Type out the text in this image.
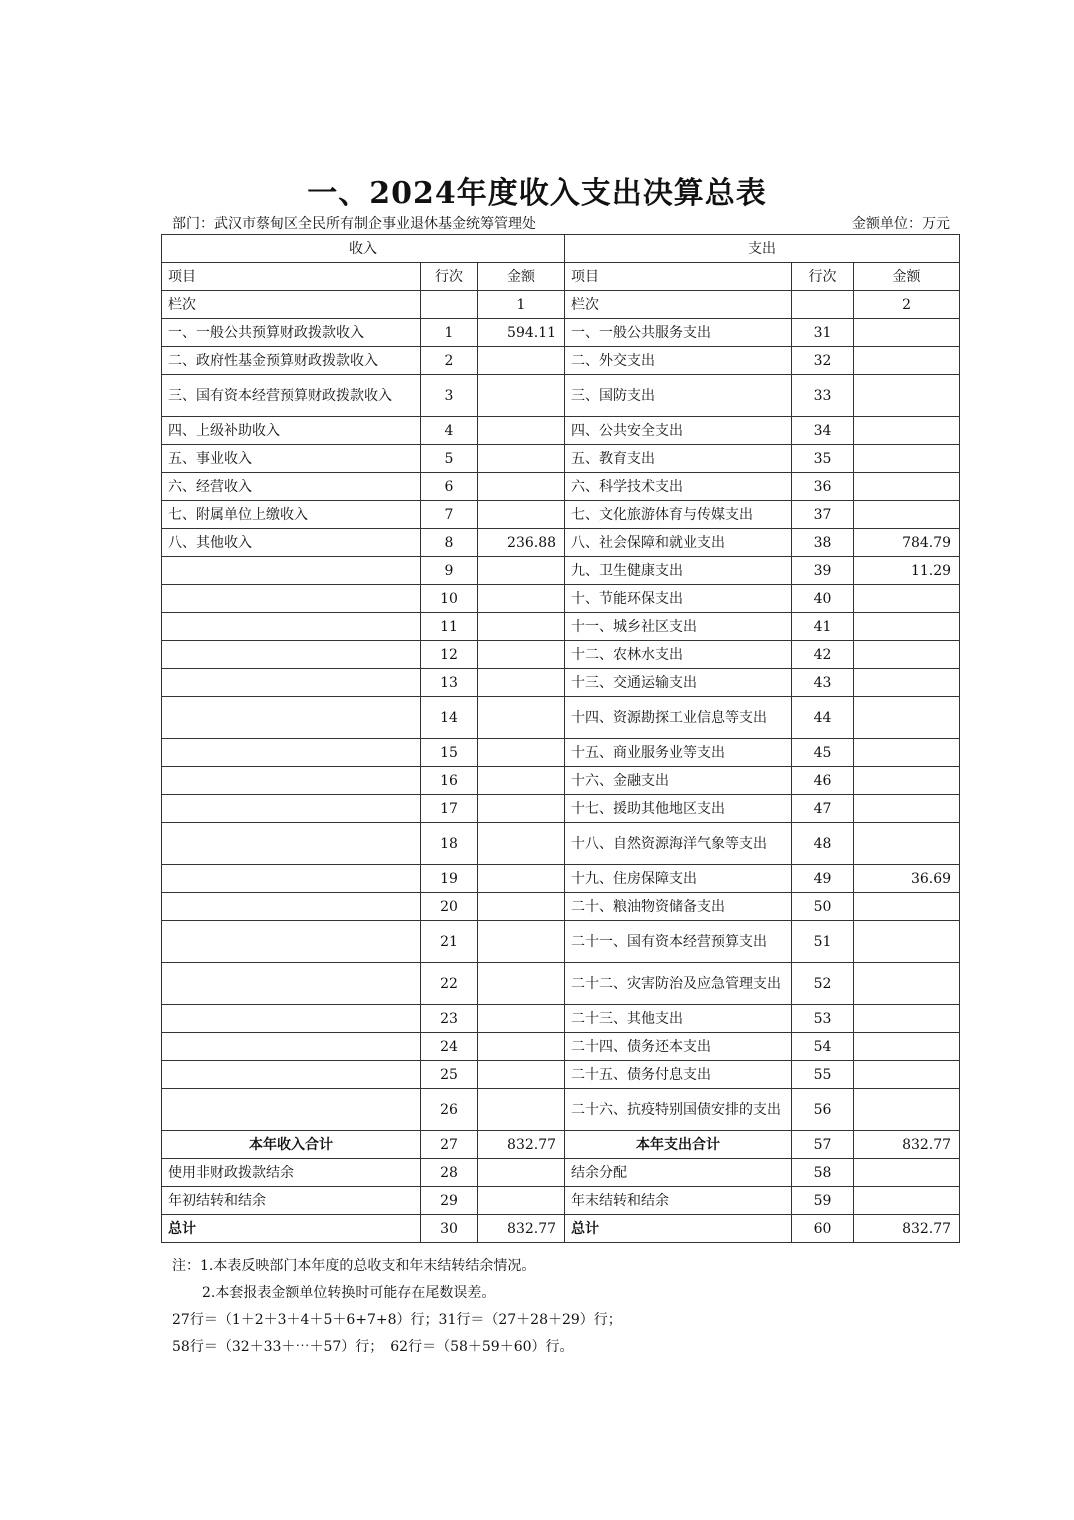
一、2024年度收入支出决算总表
部门：武汉市蔡甸区全民所有制企事业退休基金统筹管理处	金额单位：万元
收入			支出		
项目	行次	金额	项目	行次	金额
栏次		1	栏次		2
一、一般公共预算财政拨款收入	1	594.11	一、一般公共服务支出	31	
二、政府性基金预算财政拨款收入	2		二、外交支出	32	
三、国有资本经营预算财政拨款收入	3		三、国防支出	33	
四、上级补助收入	4		四、公共安全支出	34	
五、事业收入	5		五、教育支出	35	
六、经营收入	6		六、科学技术支出	36	
七、附属单位上缴收入	7		七、文化旅游体育与传媒支出	37	
八、其他收入	8	236.88	八、社会保障和就业支出	38	784.79
	9		九、卫生健康支出	39	11.29
	10		十、节能环保支出	40	
	11		十一、城乡社区支出	41	
	12		十二、农林水支出	42	
	13		十三、交通运输支出	43	
	14		十四、资源勘探工业信息等支出	44	
	15		十五、商业服务业等支出	45	
	16		十六、金融支出	46	
	17		十七、援助其他地区支出	47	
	18		十八、自然资源海洋气象等支出	48	
	19		十九、住房保障支出	49	36.69
	20		二十、粮油物资储备支出	50	
	21		二十一、国有资本经营预算支出	51	
	22		二十二、灾害防治及应急管理支出	52	
	23		二十三、其他支出	53	
	24		二十四、债务还本支出	54	
	25		二十五、债务付息支出	55	
	26		二十六、抗疫特别国债安排的支出	56	
本年收入合计	27	832.77	本年支出合计	57	832.77
使用非财政拨款结余	28		结余分配	58	
年初结转和结余	29		年末结转和结余	59	
总计	30	832.77	总计	60	832.77
注：1.本表反映部门本年度的总收支和年末结转结余情况。
2.本套报表金额单位转换时可能存在尾数误差。
27行＝（1＋2＋3＋4＋5＋6+7+8）行；31行＝（27＋28＋29）行；
58行＝（32＋33＋⋯＋57）行；　62行＝（58＋59＋60）行。
